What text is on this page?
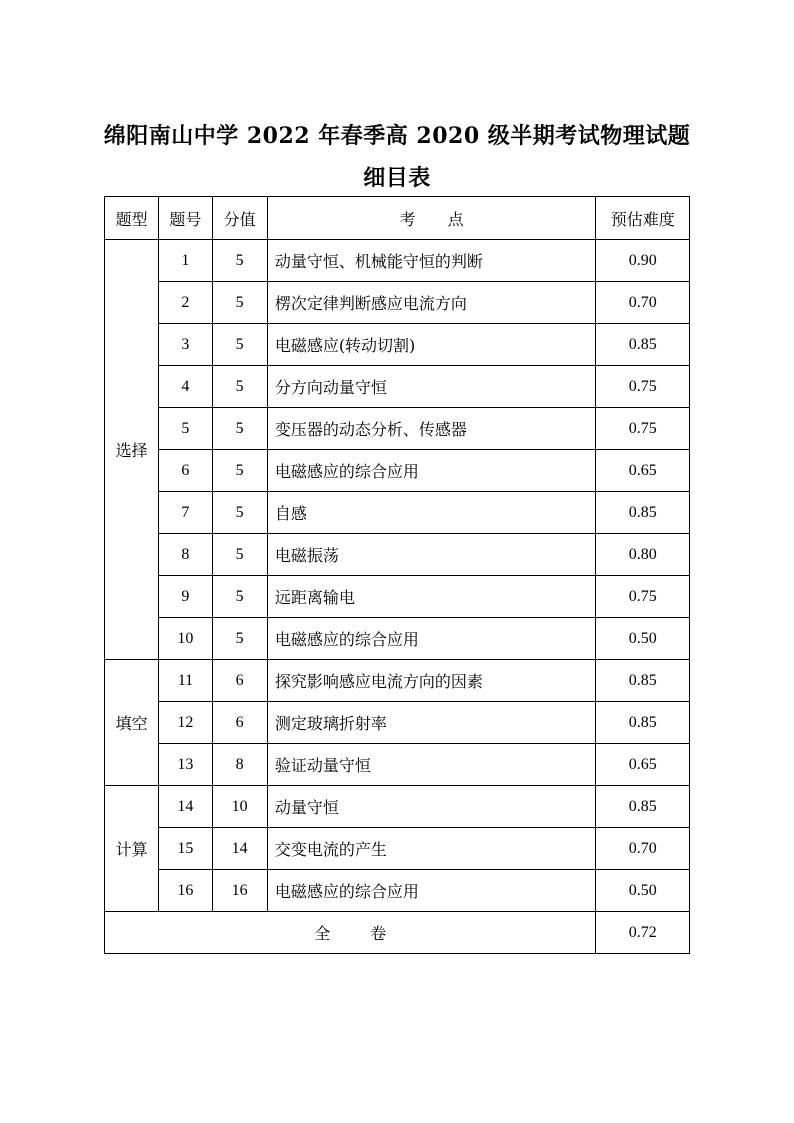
绵阳南山中学 2022 年春季高 2020 级半期考试物理试题
细目表
题型	题号	分值	考　　点	预估难度
选择	1	5	动量守恒、机械能守恒的判断	0.90
	2	5	楞次定律判断感应电流方向	0.70
	3	5	电磁感应(转动切割)	0.85
	4	5	分方向动量守恒	0.75
	5	5	变压器的动态分析、传感器	0.75
	6	5	电磁感应的综合应用	0.65
	7	5	自感	0.85
	8	5	电磁振荡	0.80
	9	5	远距离输电	0.75
	10	5	电磁感应的综合应用	0.50
填空	11	6	探究影响感应电流方向的因素	0.85
	12	6	测定玻璃折射率	0.85
	13	8	验证动量守恒	0.65
计算	14	10	动量守恒	0.85
	15	14	交变电流的产生	0.70
	16	16	电磁感应的综合应用	0.50
全 卷				0.72
